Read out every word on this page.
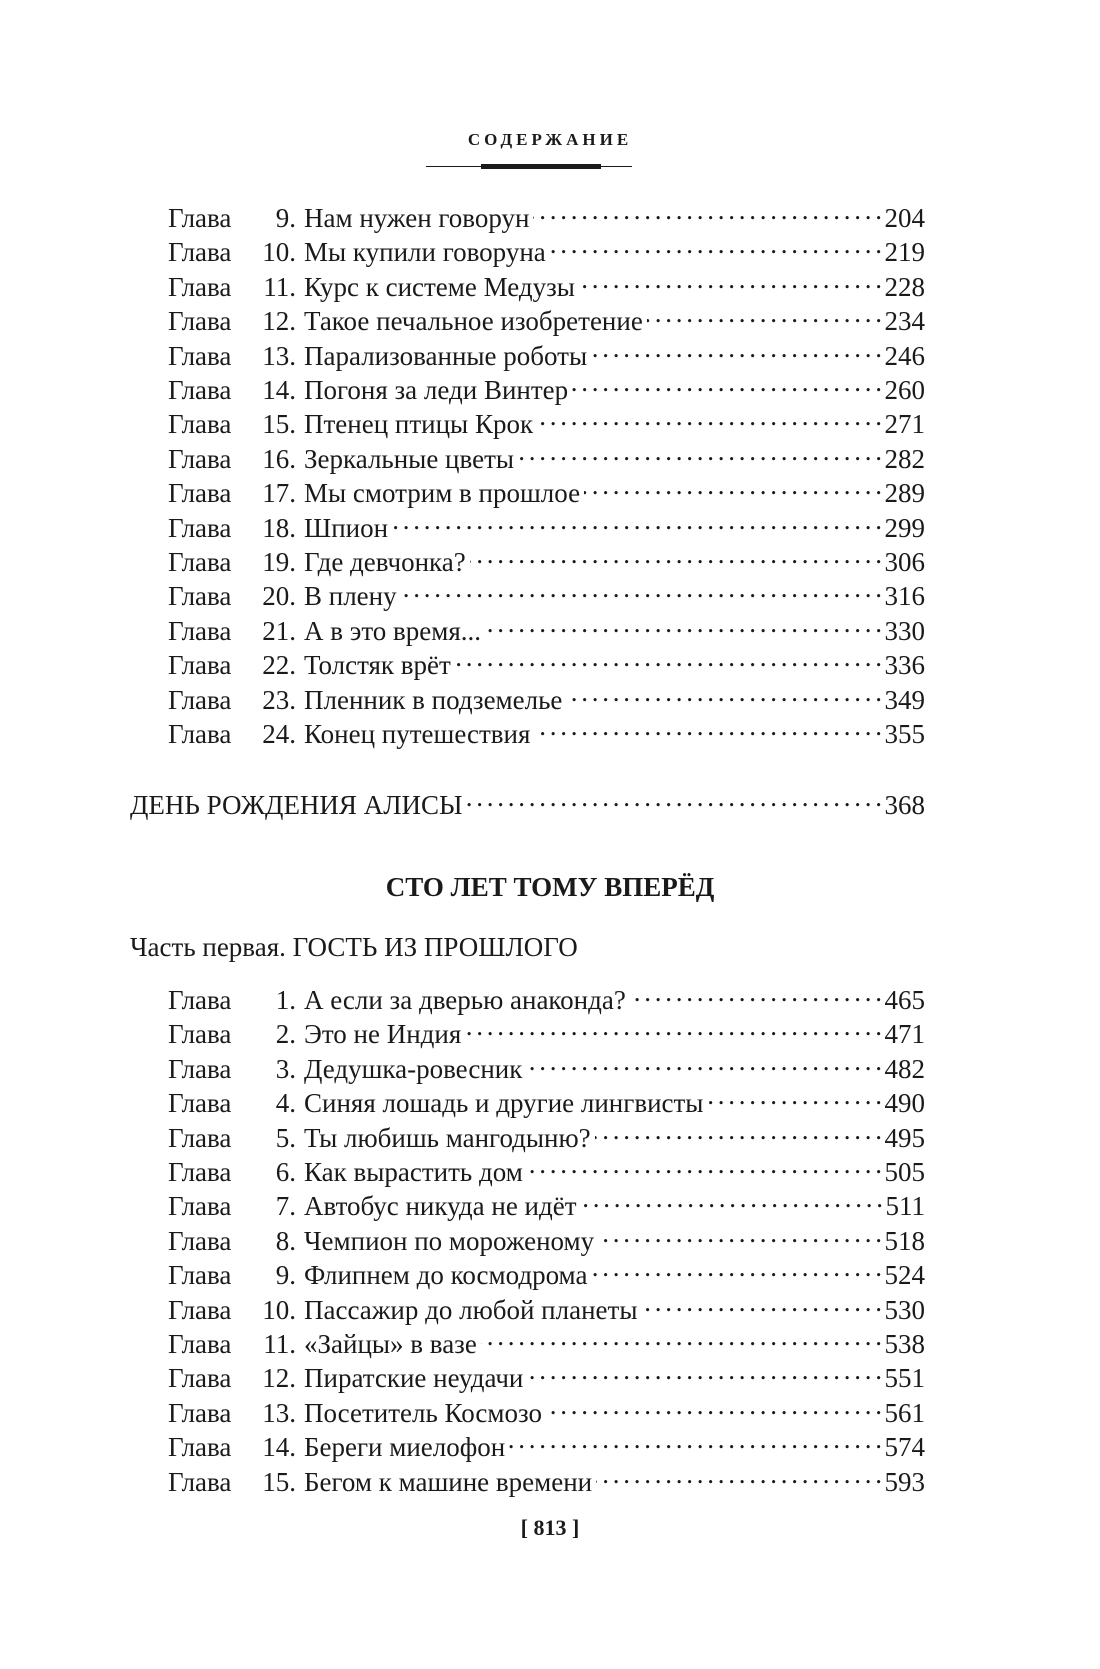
СОДЕРЖАНИЕ
Глава	9. Нам нужен говорун . . .	204
Глава	10. Мы купили говоруна . . .	219
Глава	11. Курс к системе Медузы . . .	228
Глава	12. Такое печальное изобретение . . .	234
Глава	13. Парализованные роботы . . .	246
Глава	14. Погоня за леди Винтер . . .	260
Глава	15. Птенец птицы Крок . . .	271
Глава	16. Зеркальные цветы . . .	282
Глава	17. Мы смотрим в прошлое . . .	289
Глава	18. Шпион . . .	299
Глава	19. Где девчонка? . . .	306
Глава	20. В плену . . .	316
Глава	21. А в это время... . . .	330
Глава	22. Толстяк врёт . . .	336
Глава	23. Пленник в подземелье . . .	349
Глава	24. Конец путешествия . . .	355
ДЕНЬ РОЖДЕНИЯ АЛИСЫ . . .	368
СТО ЛЕТ ТОМУ ВПЕРЁД
Часть первая. ГОСТЬ ИЗ ПРОШЛОГО
Глава	1. А если за дверью анаконда? . . .	465
Глава	2. Это не Индия . . .	471
Глава	3. Дедушка-ровесник . . .	482
Глава	4. Синяя лошадь и другие лингвисты . . .	490
Глава	5. Ты любишь мангодыню? . . .	495
Глава	6. Как вырастить дом . . .	505
Глава	7. Автобус никуда не идёт . . .	511
Глава	8. Чемпион по мороженому . . .	518
Глава	9. Флипнем до космодрома . . .	524
Глава	10. Пассажир до любой планеты . . .	530
Глава	11. «Зайцы» в вазе . . .	538
Глава	12. Пиратские неудачи . . .	551
Глава	13. Посетитель Космозо . . .	561
Глава	14. Береги миелофон . . .	574
Глава	15. Бегом к машине времени . . .	593
[ 813 ]
